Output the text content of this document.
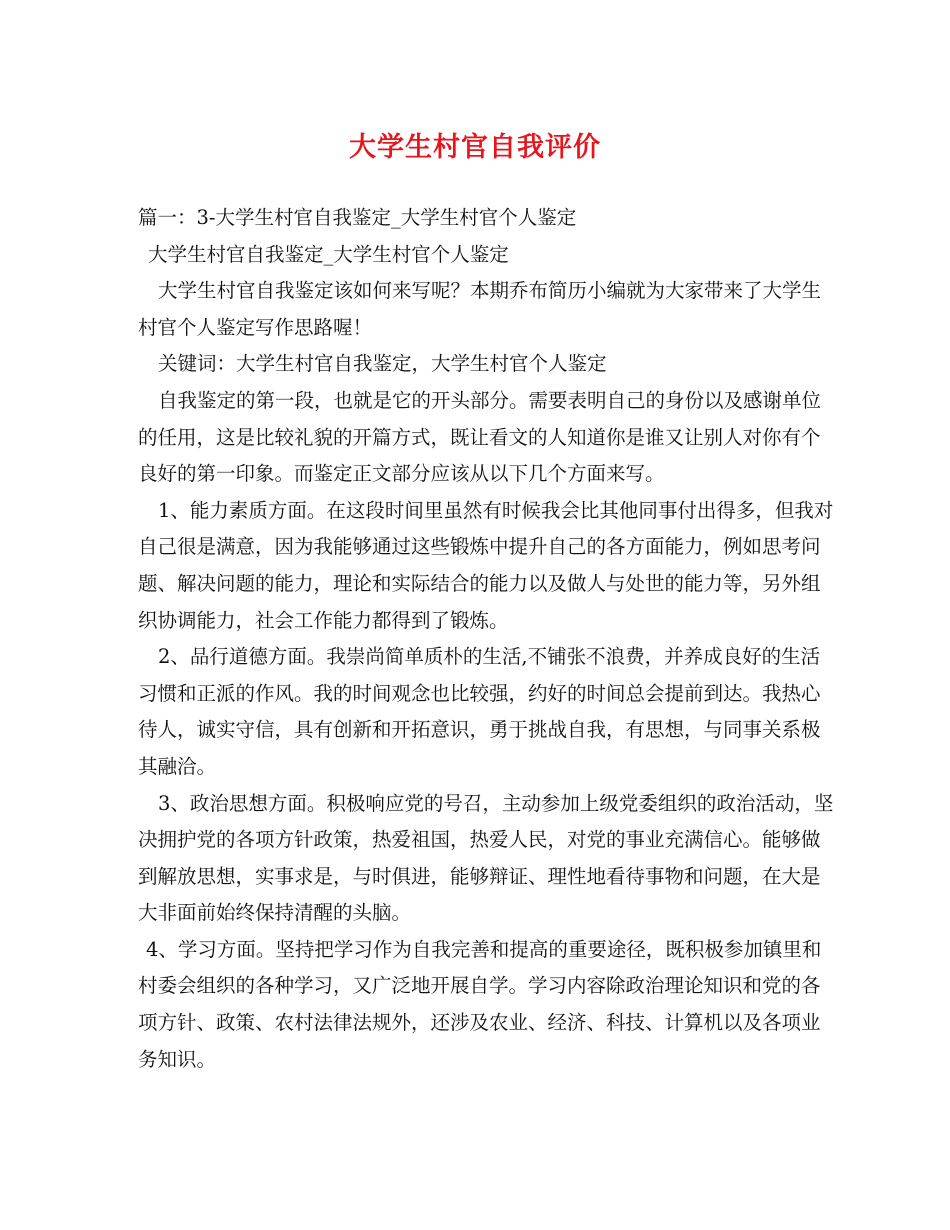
大学生村官自我评价

篇一：3-大学生村官自我鉴定_大学生村官个人鉴定

大学生村官自我鉴定_大学生村官个人鉴定

大学生村官自我鉴定该如何来写呢？本期乔布简历小编就为大家带来了大学生村官个人鉴定写作思路喔！

关键词：大学生村官自我鉴定，大学生村官个人鉴定

自我鉴定的第一段，也就是它的开头部分。需要表明自己的身份以及感谢单位的任用，这是比较礼貌的开篇方式，既让看文的人知道你是谁又让别人对你有个良好的第一印象。而鉴定正文部分应该从以下几个方面来写。

1、能力素质方面。在这段时间里虽然有时候我会比其他同事付出得多，但我对自己很是满意，因为我能够通过这些锻炼中提升自己的各方面能力，例如思考问题、解决问题的能力，理论和实际结合的能力以及做人与处世的能力等，另外组织协调能力，社会工作能力都得到了锻炼。

2、品行道德方面。我崇尚简单质朴的生活,不铺张不浪费，并养成良好的生活习惯和正派的作风。我的时间观念也比较强，约好的时间总会提前到达。我热心待人，诚实守信，具有创新和开拓意识，勇于挑战自我，有思想，与同事关系极其融洽。

3、政治思想方面。积极响应党的号召，主动参加上级党委组织的政治活动，坚决拥护党的各项方针政策，热爱祖国，热爱人民，对党的事业充满信心。能够做到解放思想，实事求是，与时俱进，能够辩证、理性地看待事物和问题，在大是大非面前始终保持清醒的头脑。

4、学习方面。坚持把学习作为自我完善和提高的重要途径，既积极参加镇里和村委会组织的各种学习，又广泛地开展自学。学习内容除政治理论知识和党的各项方针、政策、农村法律法规外，还涉及农业、经济、科技、计算机以及各项业务知识。
